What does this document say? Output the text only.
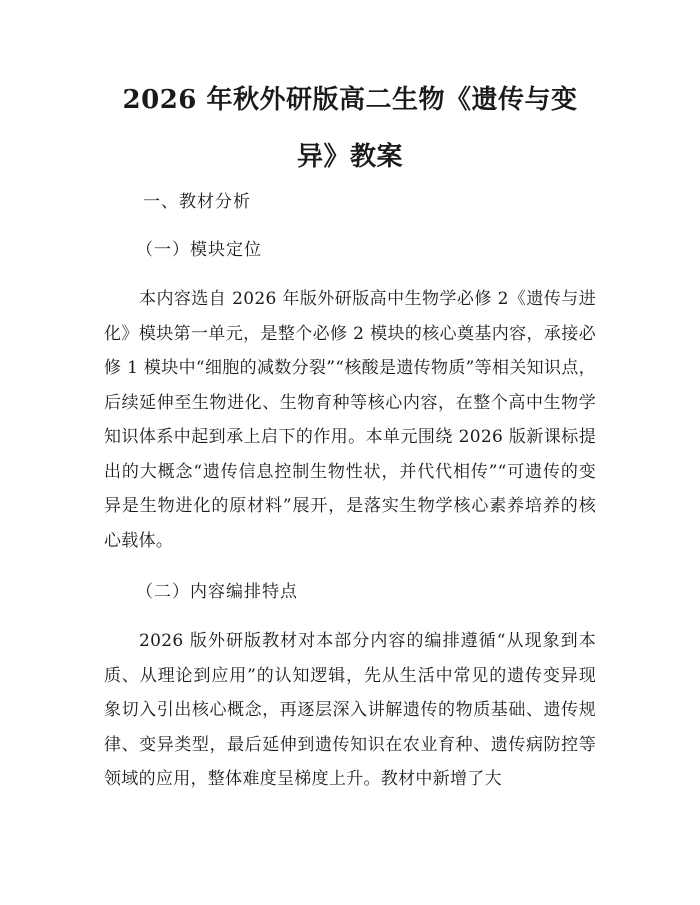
2026 年秋外研版高二生物《遗传与变异》教案

一、教材分析

（一）模块定位

本内容选自 2026 年版外研版高中生物学必修 2《遗传与进化》模块第一单元，是整个必修 2 模块的核心奠基内容，承接必修 1 模块中“细胞的减数分裂”“核酸是遗传物质”等相关知识点，后续延伸至生物进化、生物育种等核心内容，在整个高中生物学知识体系中起到承上启下的作用。本单元围绕 2026 版新课标提出的大概念“遗传信息控制生物性状，并代代相传”“可遗传的变异是生物进化的原材料”展开，是落实生物学核心素养培养的核心载体。

（二）内容编排特点

2026 版外研版教材对本部分内容的编排遵循“从现象到本质、从理论到应用”的认知逻辑，先从生活中常见的遗传变异现象切入引出核心概念，再逐层深入讲解遗传的物质基础、遗传规律、变异类型，最后延伸到遗传知识在农业育种、遗传病防控等领域的应用，整体难度呈梯度上升。教材中新增了大
